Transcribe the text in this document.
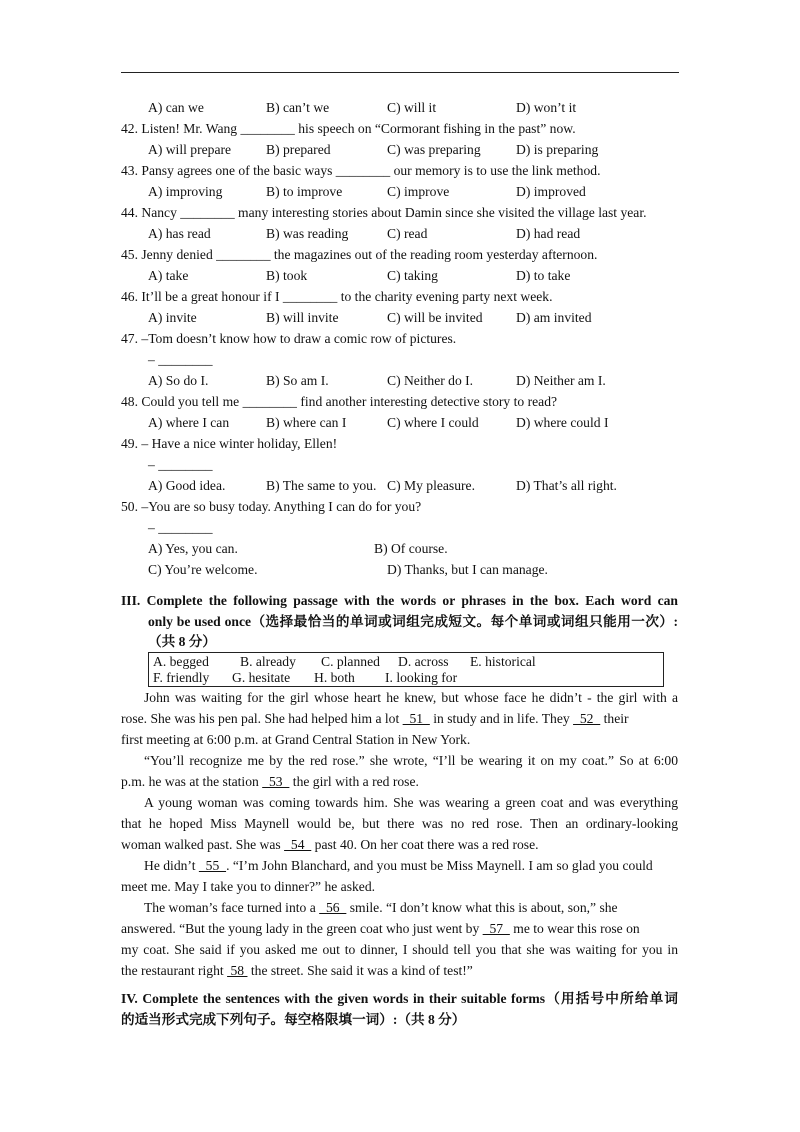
A) can we	B) can’t we	C) will it	D) won’t it
42. Listen! Mr. Wang ________ his speech on “Cormorant fishing in the past” now.
A) will prepare	B) prepared	C) was preparing	D) is preparing
43. Pansy agrees one of the basic ways ________ our memory is to use the link method.
A) improving	B) to improve	C) improve	D) improved
44. Nancy ________ many interesting stories about Damin since she visited the village last year.
A) has read	B) was reading	C) read	D) had read
45. Jenny denied ________ the magazines out of the reading room yesterday afternoon.
A) take	B) took	C) taking	D) to take
46. It’ll be a great honour if I ________ to the charity evening party next week.
A) invite	B) will invite	C) will be invited D) am invited
47. –Tom doesn’t know how to draw a comic row of pictures.
– ________
A) So do I.	B) So am I.	C) Neither do I.	D) Neither am I.
48. Could you tell me ________ find another interesting detective story to read?
A) where I can	B) where can I	C) where I could	D) where could I
49. – Have a nice winter holiday, Ellen!
– ________
A) Good idea.	B) The same to you. C) My pleasure.	D) That’s all right.
50. –You are so busy today. Anything I can do for you?
– ________
A) Yes, you can.	B) Of course.
C) You’re welcome.	D) Thanks, but I can manage.
III. Complete the following passage with the words or phrases in the box. Each word can
only be used once（选择最恰当的单词或词组完成短文。每个单词或词组只能用一次）:
（共 8 分）
A. begged B. already C. planned D. across E. historical
F. friendly G. hesitate H. both I. looking for
John was waiting for the girl whose heart he knew, but whose face he didn’t - the girl with a
rose. She was his pen pal. She had helped him a lot   51   in study and in life. They   52   their
first meeting at 6:00 p.m. at Grand Central Station in New York.
“You’ll recognize me by the red rose.” she wrote, “I’ll be wearing it on my coat.” So at 6:00
p.m. he was at the station   53   the girl with a red rose.
A young woman was coming towards him. She was wearing a green coat and was everything
that he hoped Miss Maynell would be, but there was no red rose. Then an ordinary-looking
woman walked past. She was   54   past 40. On her coat there was a red rose.
He didn’t   55  . “I’m John Blanchard, and you must be Miss Maynell. I am so glad you could
meet me. May I take you to dinner?” he asked.
The woman’s face turned into a   56   smile. “I don’t know what this is about, son,” she
answered. “But the young lady in the green coat who just went by   57   me to wear this rose on
my coat. She said if you asked me out to dinner, I should tell you that she was waiting for you in
the restaurant right  58  the street. She said it was a kind of test!”
IV. Complete the sentences with the given words in their suitable forms（用括号中所给单词
的适当形式完成下列句子。每空格限填一词）:（共 8 分）
